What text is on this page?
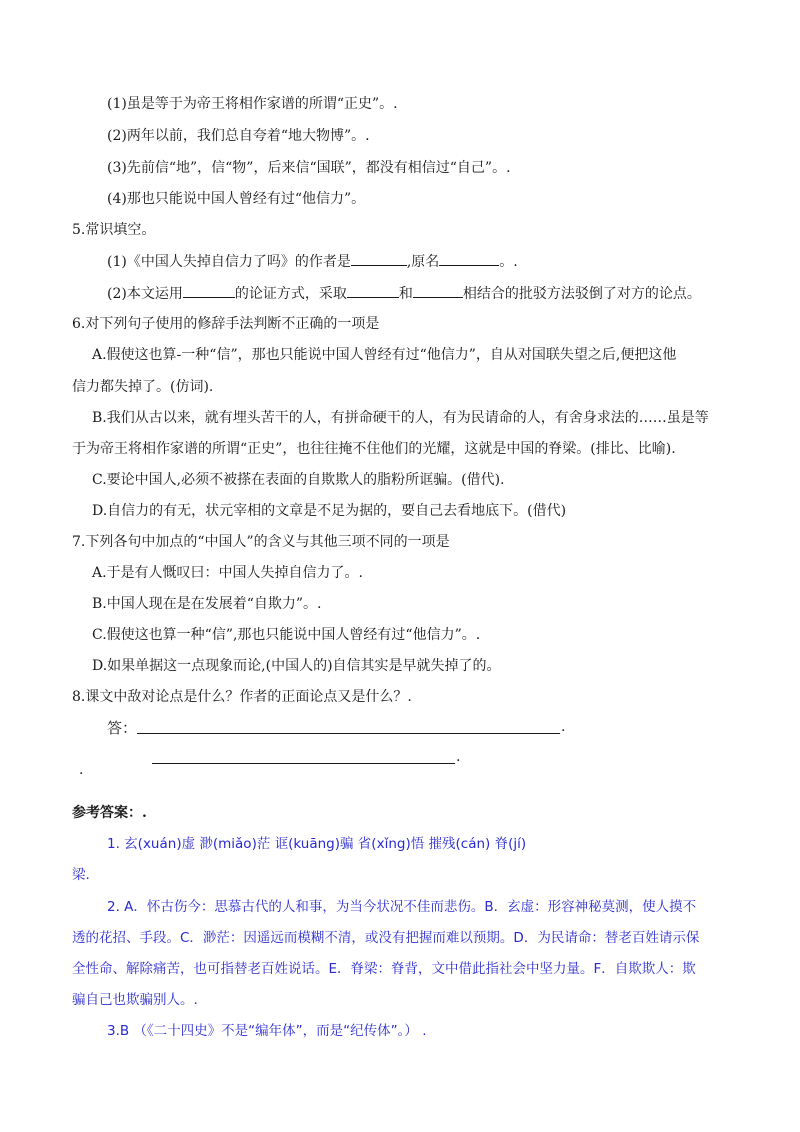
(1)虽是等于为帝王将相作家谱的所谓“正史”。.
(2)两年以前，我们总自夸着“地大物博”。.
(3)先前信“地”，信“物”，后来信“国联”，都没有相信过“自己”。.
(4)那也只能说中国人曾经有过“他信力”。
5.常识填空。
(1)《中国人失掉自信力了吗》的作者是	,原名	。.
(2)本文运用	的论证方式，采取	和	相结合的批驳方法驳倒了对方的论点。
6.对下列句子使用的修辞手法判断不正确的一项是
A.假使这也算-一种“信”，那也只能说中国人曾经有过“他信力”，自从对国联失望之后,便把这他
信力都失掉了。(仿词).
B.我们从古以来，就有埋头苦干的人，有拼命硬干的人，有为民请命的人，有舍身求法的……虽是等
于为帝王将相作家谱的所谓“正史”，也往往掩不住他们的光耀，这就是中国的脊梁。(排比、比喻).
C.要论中国人,必须不被搽在表面的自欺欺人的脂粉所诓骗。(借代).
D.自信力的有无，状元宰相的文章是不足为据的，要自己去看地底下。(借代)
7.下列各句中加点的“中国人”的含义与其他三项不同的一项是
A.于是有人慨叹曰：中国人失掉自信力了。.
B.中国人现在是在发展着“自欺力”。.
C.假使这也算一种“信”,那也只能说中国人曾经有过“他信力”。.
D.如果单据这一点现象而论,(中国人的)自信其实是早就失掉了的。
8.课文中敌对论点是什么？作者的正面论点又是什么？.
答：	.
.
.
参考答案：.
1. 玄(xuán)虚 渺(miǎo)茫 诓(kuāng)骗 省(xǐng)悟 摧残(cán) 脊(jí)
梁.
2. A．怀古伤今：思慕古代的人和事，为当今状况不佳而悲伤。B．玄虚：形容神秘莫测，使人摸不
透的花招、手段。C．渺茫：因遥远而模糊不清，或没有把握而难以预期。D．为民请命：替老百姓请示保
全性命、解除痛苦，也可指替老百姓说话。E．脊梁：脊背，文中借此指社会中坚力量。F．自欺欺人：欺
骗自己也欺骗别人。.
3.B （《二十四史》不是“编年体”，而是“纪传体”。） .
